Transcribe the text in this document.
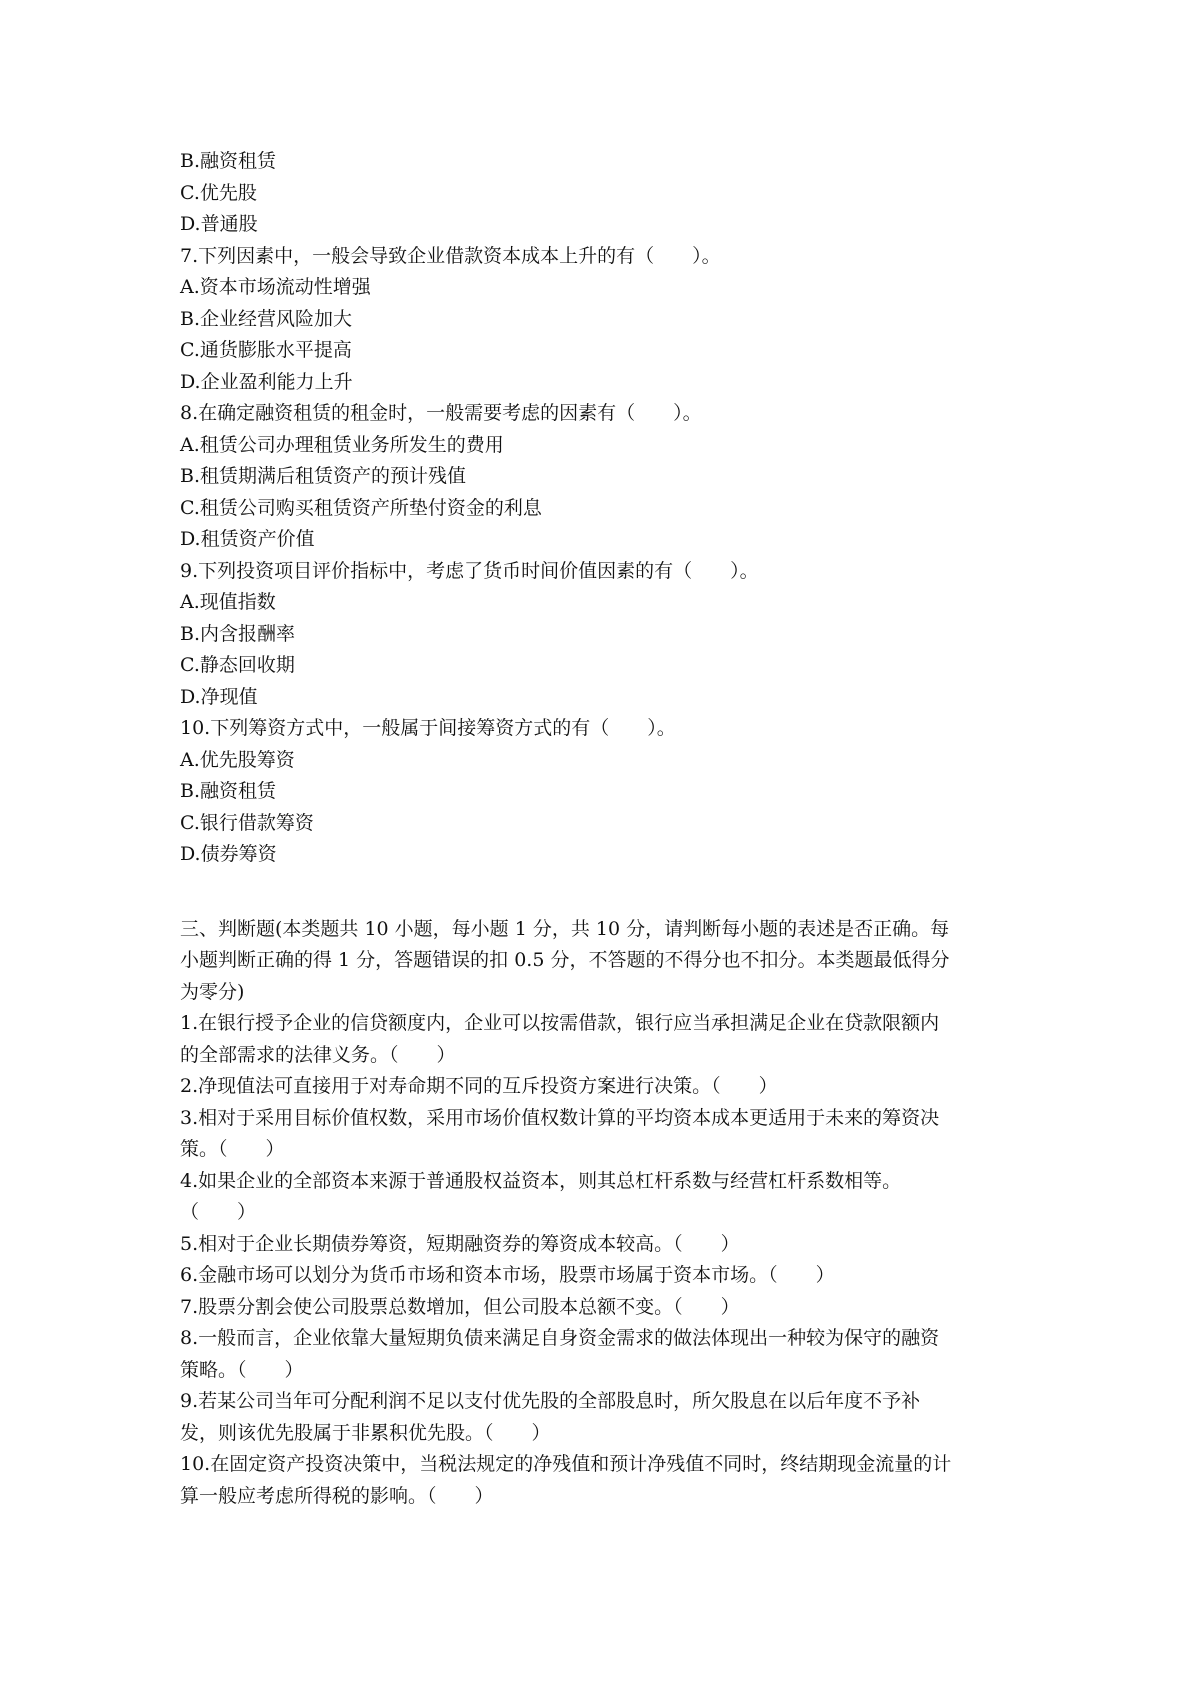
B.融资租赁
C.优先股
D.普通股
7.下列因素中，一般会导致企业借款资本成本上升的有（　　）。
A.资本市场流动性增强
B.企业经营风险加大
C.通货膨胀水平提高
D.企业盈利能力上升
8.在确定融资租赁的租金时，一般需要考虑的因素有（　　）。
A.租赁公司办理租赁业务所发生的费用
B.租赁期满后租赁资产的预计残值
C.租赁公司购买租赁资产所垫付资金的利息
D.租赁资产价值
9.下列投资项目评价指标中，考虑了货币时间价值因素的有（　　）。
A.现值指数
B.内含报酬率
C.静态回收期
D.净现值
10.下列筹资方式中，一般属于间接筹资方式的有（　　）。
A.优先股筹资
B.融资租赁
C.银行借款筹资
D.债券筹资
三、判断题(本类题共 10 小题，每小题 1 分，共 10 分，请判断每小题的表述是否正确。每
小题判断正确的得 1 分，答题错误的扣 0.5 分，不答题的不得分也不扣分。本类题最低得分
为零分)
1.在银行授予企业的信贷额度内，企业可以按需借款，银行应当承担满足企业在贷款限额内
的全部需求的法律义务。（　　）
2.净现值法可直接用于对寿命期不同的互斥投资方案进行决策。（　　）
3.相对于采用目标价值权数，采用市场价值权数计算的平均资本成本更适用于未来的筹资决
策。（　　）
4.如果企业的全部资本来源于普通股权益资本，则其总杠杆系数与经营杠杆系数相等。
（　　）
5.相对于企业长期债券筹资，短期融资券的筹资成本较高。（　　）
6.金融市场可以划分为货币市场和资本市场，股票市场属于资本市场。（　　）
7.股票分割会使公司股票总数增加，但公司股本总额不变。（　　）
8.一般而言，企业依靠大量短期负债来满足自身资金需求的做法体现出一种较为保守的融资
策略。（　　）
9.若某公司当年可分配利润不足以支付优先股的全部股息时，所欠股息在以后年度不予补
发，则该优先股属于非累积优先股。（　　）
10.在固定资产投资决策中，当税法规定的净残值和预计净残值不同时，终结期现金流量的计
算一般应考虑所得税的影响。（　　）
